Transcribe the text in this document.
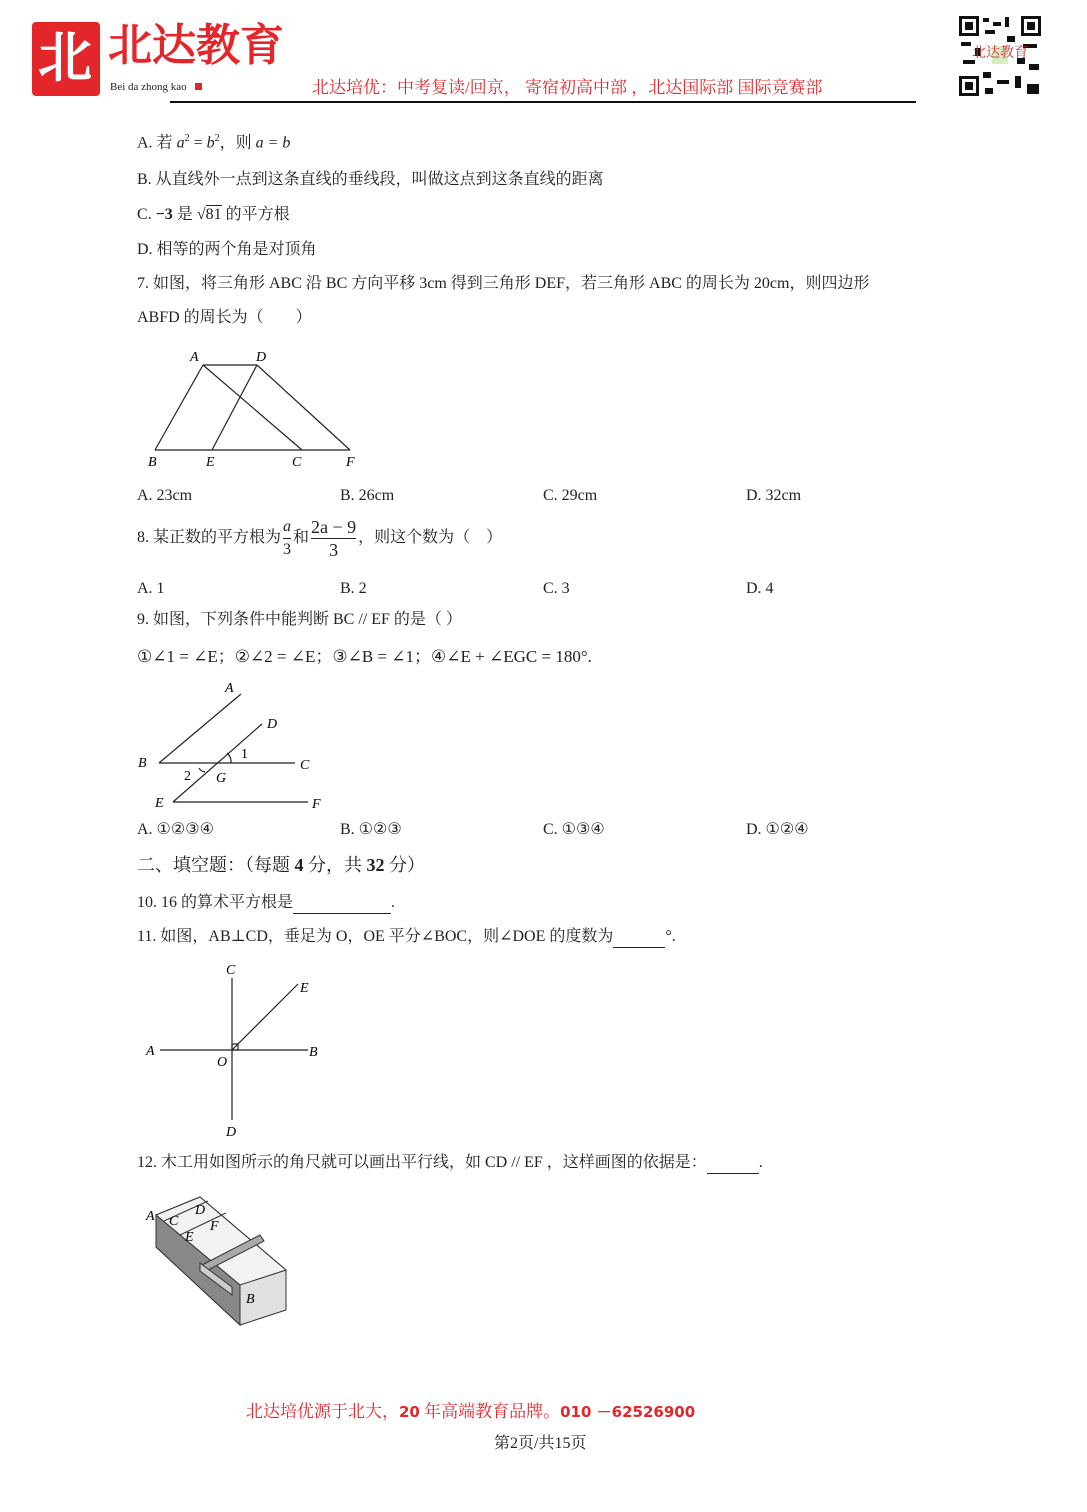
北 北达教育
Bei da zhong kao	北达培优：中考复读/回京， 寄宿初高中部 ，北达国际部 国际竞赛部
北达教育
A. 若 $a^2 = b^2$，则 a = b
B. 从直线外一点到这条直线的垂线段，叫做这点到这条直线的距离
C. −3 是 √81 的平方根
D. 相等的两个角是对顶角
7. 如图，将三角形 ABC 沿 BC 方向平移 3cm 得到三角形 DEF，若三角形 ABC 的周长为 20cm，则四边形
ABFD 的周长为（　　）
A	D
B	E	C	F
A. 23cm	B. 26cm	C. 29cm	D. 32cm
8. 某正数的平方根为 $\frac{a}{3}$ 和 $\frac{2a - 9}{3}$ ，则这个数为（　）
A. 1	B. 2	C. 3	D. 4
9. 如图，下列条件中能判断 BC // EF 的是（ ）
①∠1 = ∠E；②∠2 = ∠E；③∠B = ∠1；④∠E + ∠EGC = 180°.
A
D
1
B	C
2 G
E	F
A. ①②③④	B. ①②③	C. ①③④	D. ①②④
二、填空题：（每题 4 分，共 32 分）
10. 16 的算术平方根是	.
11. 如图，AB⊥CD，垂足为 O，OE 平分∠BOC，则∠DOE 的度数为	°.
C
E
A
O
B
D
12. 木工用如图所示的角尺就可以画出平行线，如 CD // EF ，这样画图的依据是：	.
A C
D
E
F
B
北达培优源于北大，20 年高端教育品牌。010 －62526900
第2页/共15页
